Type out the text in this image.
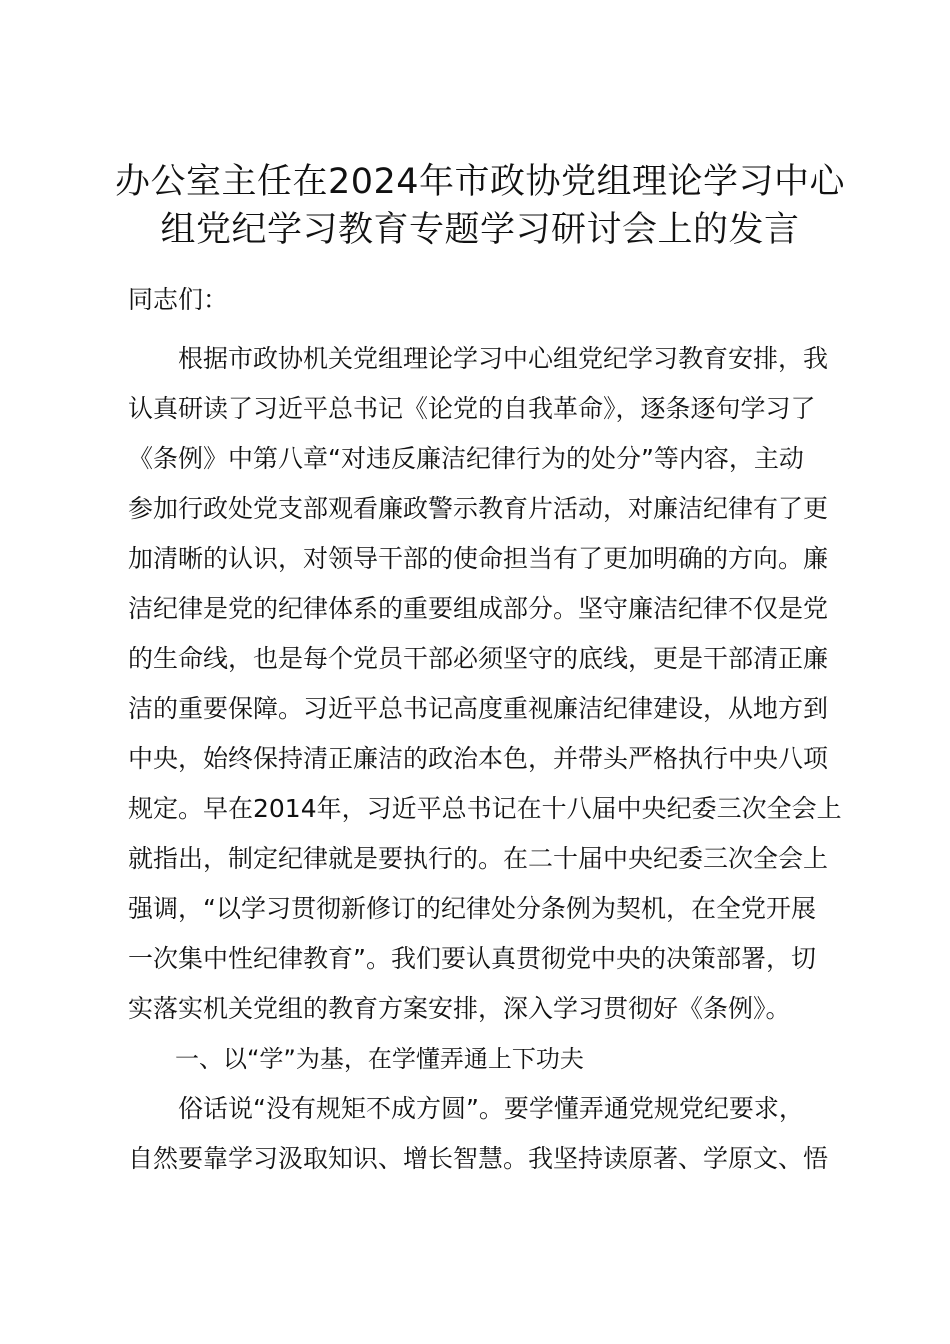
办公室主任在2024年市政协党组理论学习中心
组党纪学习教育专题学习研讨会上的发言

同志们：

根据市政协机关党组理论学习中心组党纪学习教育安排，我
认真研读了习近平总书记《论党的自我革命》，逐条逐句学习了
《条例》中第八章“对违反廉洁纪律行为的处分”等内容，主动
参加行政处党支部观看廉政警示教育片活动，对廉洁纪律有了更
加清晰的认识，对领导干部的使命担当有了更加明确的方向。廉
洁纪律是党的纪律体系的重要组成部分。坚守廉洁纪律不仅是党
的生命线，也是每个党员干部必须坚守的底线，更是干部清正廉
洁的重要保障。习近平总书记高度重视廉洁纪律建设，从地方到
中央，始终保持清正廉洁的政治本色，并带头严格执行中央八项
规定。早在2014年，习近平总书记在十八届中央纪委三次全会上
就指出，制定纪律就是要执行的。在二十届中央纪委三次全会上
强调，“以学习贯彻新修订的纪律处分条例为契机，在全党开展
一次集中性纪律教育”。我们要认真贯彻党中央的决策部署，切
实落实机关党组的教育方案安排，深入学习贯彻好《条例》。

一、以“学”为基，在学懂弄通上下功夫

俗话说“没有规矩不成方圆”。要学懂弄通党规党纪要求，
自然要靠学习汲取知识、增长智慧。我坚持读原著、学原文、悟
